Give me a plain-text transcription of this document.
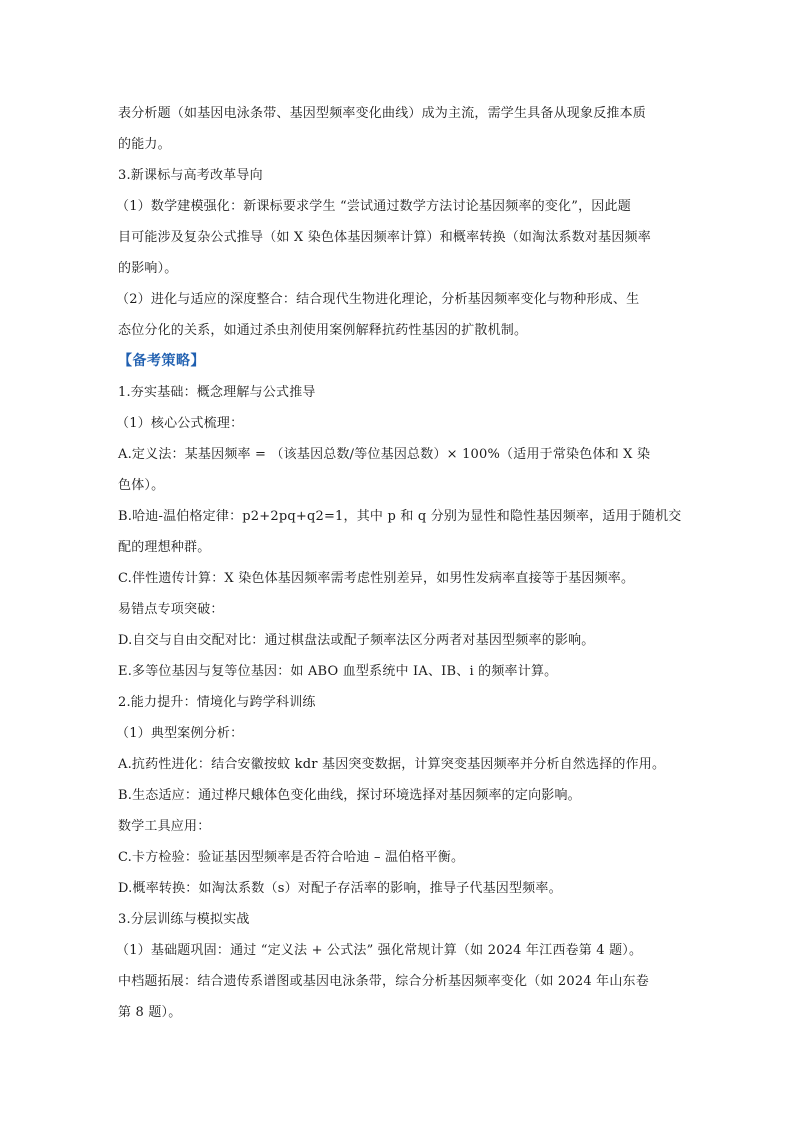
表分析题（如基因电泳条带、基因型频率变化曲线）成为主流，需学生具备从现象反推本质
的能力。
3.新课标与高考改革导向
（1）数学建模强化：新课标要求学生 “尝试通过数学方法讨论基因频率的变化”，因此题
目可能涉及复杂公式推导（如 X 染色体基因频率计算）和概率转换（如淘汰系数对基因频率
的影响）。
（2）进化与适应的深度整合：结合现代生物进化理论，分析基因频率变化与物种形成、生
态位分化的关系，如通过杀虫剂使用案例解释抗药性基因的扩散机制。
【备考策略】
1.夯实基础：概念理解与公式推导
（1）核心公式梳理：
A.定义法：某基因频率 = （该基因总数/等位基因总数）× 100%（适用于常染色体和 X 染
色体）。
B.哈迪-温伯格定律：p2+2pq+q2=1，其中 p 和 q 分别为显性和隐性基因频率，适用于随机交
配的理想种群。
C.伴性遗传计算：X 染色体基因频率需考虑性别差异，如男性发病率直接等于基因频率。
易错点专项突破：
D.自交与自由交配对比：通过棋盘法或配子频率法区分两者对基因型频率的影响。
E.多等位基因与复等位基因：如 ABO 血型系统中 IA、IB、i 的频率计算。
2.能力提升：情境化与跨学科训练
（1）典型案例分析：
A.抗药性进化：结合安徽按蚊 kdr 基因突变数据，计算突变基因频率并分析自然选择的作用。
B.生态适应：通过桦尺蛾体色变化曲线，探讨环境选择对基因频率的定向影响。
数学工具应用：
C.卡方检验：验证基因型频率是否符合哈迪 – 温伯格平衡。
D.概率转换：如淘汰系数（s）对配子存活率的影响，推导子代基因型频率。
3.分层训练与模拟实战
（1）基础题巩固：通过 “定义法 + 公式法” 强化常规计算（如 2024 年江西卷第 4 题）。
中档题拓展：结合遗传系谱图或基因电泳条带，综合分析基因频率变化（如 2024 年山东卷
第 8 题）。
